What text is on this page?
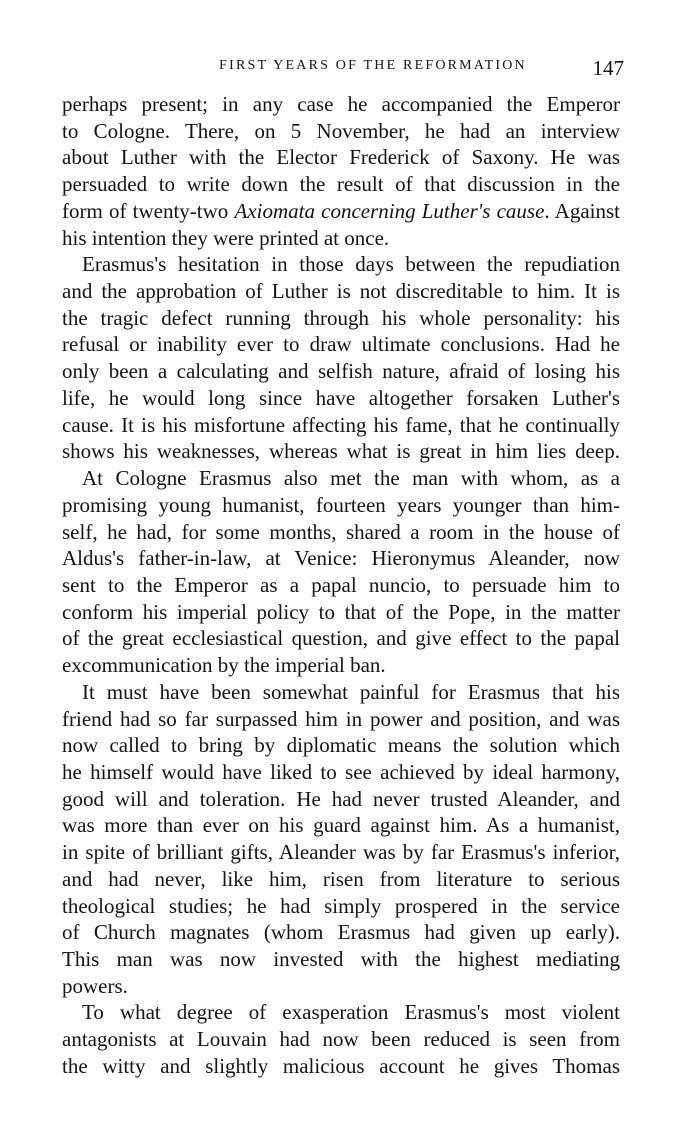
FIRST YEARS OF THE REFORMATION	147
perhaps present; in any case he accompanied the Emperor
to Cologne. There, on 5 November, he had an interview
about Luther with the Elector Frederick of Saxony. He was
persuaded to write down the result of that discussion in the
form of twenty-two Axiomata concerning Luther's cause. Against
his intention they were printed at once.
Erasmus's hesitation in those days between the repudiation
and the approbation of Luther is not discreditable to him. It is
the tragic defect running through his whole personality: his
refusal or inability ever to draw ultimate conclusions. Had he
only been a calculating and selfish nature, afraid of losing his
life, he would long since have altogether forsaken Luther's
cause. It is his misfortune affecting his fame, that he continually
shows his weaknesses, whereas what is great in him lies deep.
At Cologne Erasmus also met the man with whom, as a
promising young humanist, fourteen years younger than him-
self, he had, for some months, shared a room in the house of
Aldus's father-in-law, at Venice: Hieronymus Aleander, now
sent to the Emperor as a papal nuncio, to persuade him to
conform his imperial policy to that of the Pope, in the matter
of the great ecclesiastical question, and give effect to the papal
excommunication by the imperial ban.
It must have been somewhat painful for Erasmus that his
friend had so far surpassed him in power and position, and was
now called to bring by diplomatic means the solution which
he himself would have liked to see achieved by ideal harmony,
good will and toleration. He had never trusted Aleander, and
was more than ever on his guard against him. As a humanist,
in spite of brilliant gifts, Aleander was by far Erasmus's inferior,
and had never, like him, risen from literature to serious
theological studies; he had simply prospered in the service
of Church magnates (whom Erasmus had given up early).
This man was now invested with the highest mediating
powers.
To what degree of exasperation Erasmus's most violent
antagonists at Louvain had now been reduced is seen from
the witty and slightly malicious account he gives Thomas
